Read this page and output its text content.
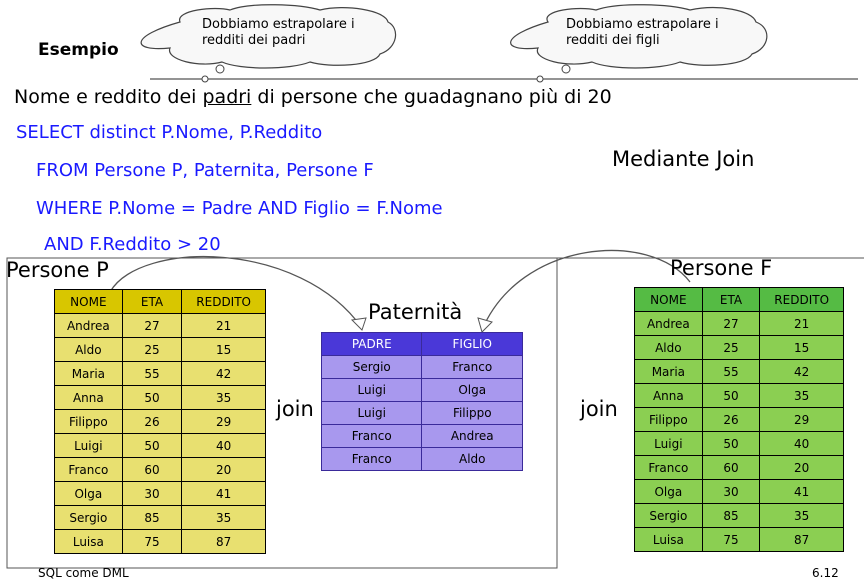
Dobbiamo estrapolare i
redditi dei padri
Dobbiamo estrapolare i
redditi dei figli
Esempio
Nome e reddito dei padri di persone che guadagnano più di 20
SELECT distinct P.Nome, P.Reddito
FROM Persone P, Paternita, Persone F
WHERE P.Nome = Padre AND Figlio = F.Nome
AND F.Reddito > 20
Mediante Join
Persone P
Paternità
Persone F
NOME	ETA	REDDITO
Andrea	27	21
Aldo	25	15
Maria	55	42
Anna	50	35
Filippo	26	29
Luigi	50	40
Franco	60	20
Olga	30	41
Sergio	85	35
Luisa	75	87
PADRE	FIGLIO
Sergio	Franco
Luigi	Olga
Luigi	Filippo
Franco	Andrea
Franco	Aldo
NOME	ETA	REDDITO
Andrea	27	21
Aldo	25	15
Maria	55	42
Anna	50	35
Filippo	26	29
Luigi	50	40
Franco	60	20
Olga	30	41
Sergio	85	35
Luisa	75	87
join	join
SQL come DML	6.12
